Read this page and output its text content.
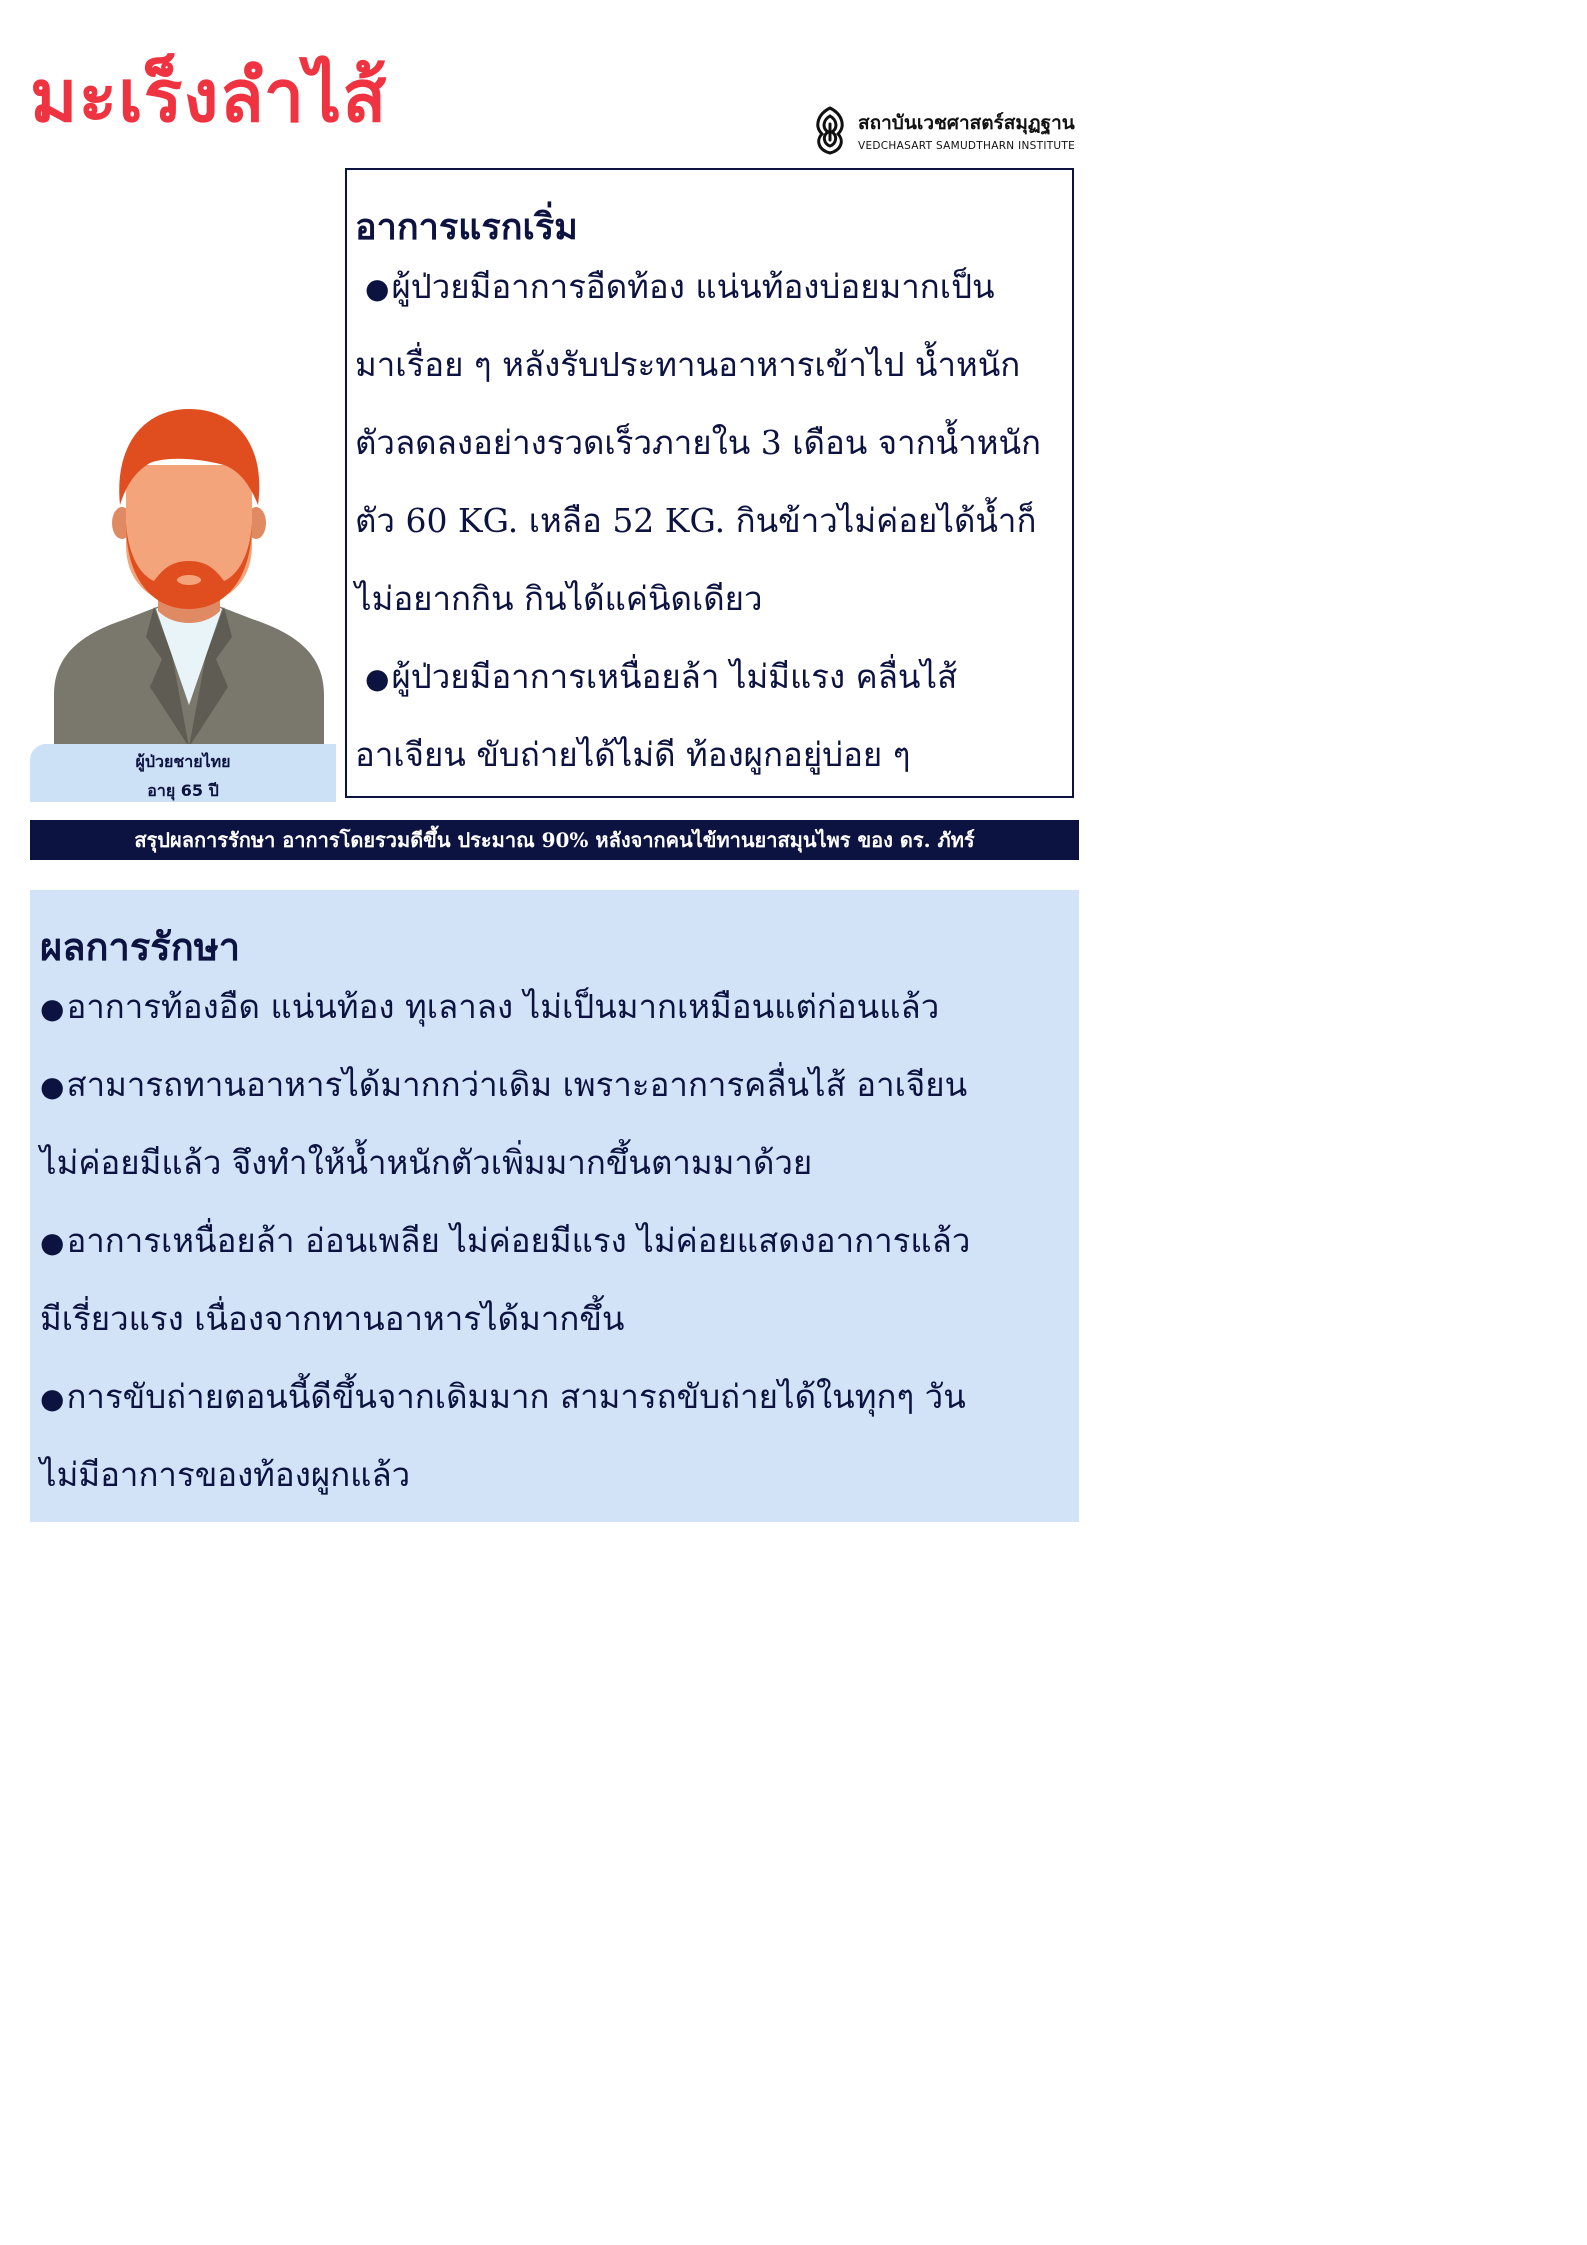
มะเร็งลำไส้	สถาบันเวชศาสตร์สมุฏฐาน
VEDCHASART SAMUDTHARN INSTITUTE
ผู้ป่วยชายไทย
อายุ 65 ปี
อาการแรกเริ่ม
●ผู้ป่วยมีอาการอืดท้อง แน่นท้องบ่อยมากเป็น
มาเรื่อย ๆ หลังรับประทานอาหารเข้าไป น้ำหนัก
ตัวลดลงอย่างรวดเร็วภายใน 3 เดือน จากน้ำหนัก
ตัว 60 KG. เหลือ 52 KG. กินข้าวไม่ค่อยได้น้ำก็
ไม่อยากกิน กินได้แค่นิดเดียว
●ผู้ป่วยมีอาการเหนื่อยล้า ไม่มีแรง คลื่นไส้
อาเจียน ขับถ่ายได้ไม่ดี ท้องผูกอยู่บ่อย ๆ
สรุปผลการรักษา อาการโดยรวมดีขึ้น ประมาณ 90% หลังจากคนไข้ทานยาสมุนไพร ของ ดร. ภัทร์
ผลการรักษา
●อาการท้องอืด แน่นท้อง ทุเลาลง ไม่เป็นมากเหมือนแต่ก่อนแล้ว
●สามารถทานอาหารได้มากกว่าเดิม เพราะอาการคลื่นไส้ อาเจียน
ไม่ค่อยมีแล้ว จึงทำให้น้ำหนักตัวเพิ่มมากขึ้นตามมาด้วย
●อาการเหนื่อยล้า อ่อนเพลีย ไม่ค่อยมีแรง ไม่ค่อยแสดงอาการแล้ว
มีเรี่ยวแรง เนื่องจากทานอาหารได้มากขึ้น
●การขับถ่ายตอนนี้ดีขึ้นจากเดิมมาก สามารถขับถ่ายได้ในทุกๆ วัน
ไม่มีอาการของท้องผูกแล้ว
